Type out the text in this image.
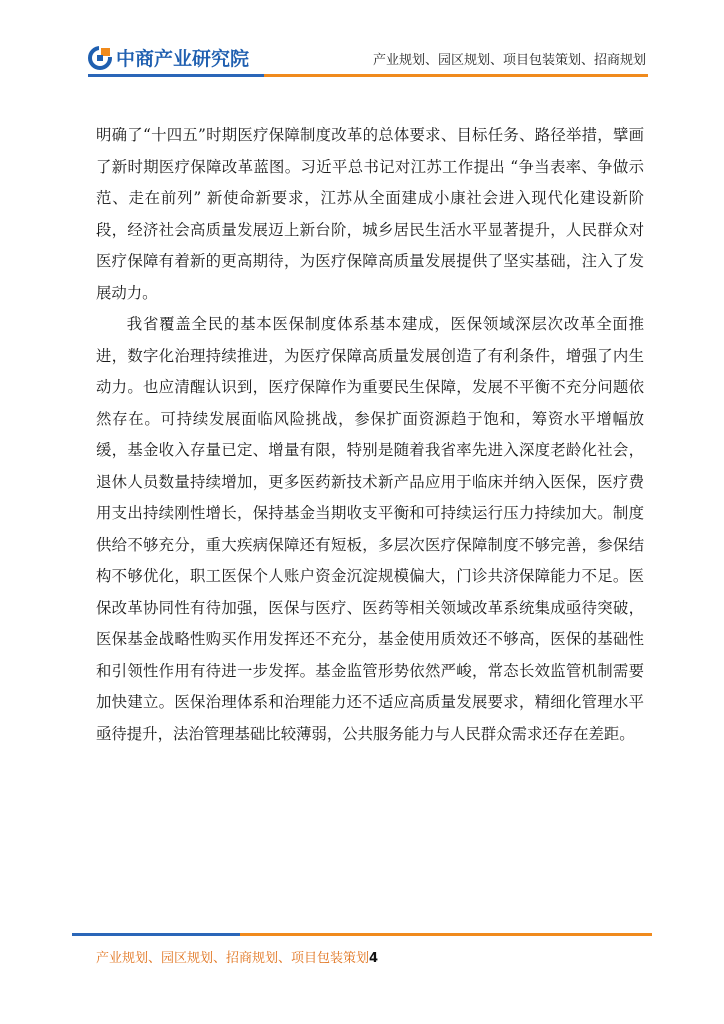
中商产业研究院	产业规划、园区规划、项目包装策划、招商规划

明确了“十四五”时期医疗保障制度改革的总体要求、目标任务、路径举措，擘画了新时期医疗保障改革蓝图。习近平总书记对江苏工作提出 “争当表率、争做示范、走在前列” 新使命新要求，江苏从全面建成小康社会进入现代化建设新阶段，经济社会高质量发展迈上新台阶，城乡居民生活水平显著提升，人民群众对医疗保障有着新的更高期待，为医疗保障高质量发展提供了坚实基础，注入了发展动力。

我省覆盖全民的基本医保制度体系基本建成，医保领域深层次改革全面推进，数字化治理持续推进，为医疗保障高质量发展创造了有利条件，增强了内生动力。也应清醒认识到，医疗保障作为重要民生保障，发展不平衡不充分问题依然存在。可持续发展面临风险挑战，参保扩面资源趋于饱和，筹资水平增幅放缓，基金收入存量已定、增量有限，特别是随着我省率先进入深度老龄化社会，退休人员数量持续增加，更多医药新技术新产品应用于临床并纳入医保，医疗费用支出持续刚性增长，保持基金当期收支平衡和可持续运行压力持续加大。制度供给不够充分，重大疾病保障还有短板，多层次医疗保障制度不够完善，参保结构不够优化，职工医保个人账户资金沉淀规模偏大，门诊共济保障能力不足。医保改革协同性有待加强，医保与医疗、医药等相关领域改革系统集成亟待突破， 医保基金战略性购买作用发挥还不充分，基金使用质效还不够高，医保的基础性和引领性作用有待进一步发挥。基金监管形势依然严峻，常态长效监管机制需要加快建立。医保治理体系和治理能力还不适应高质量发展要求，精细化管理水平亟待提升，法治管理基础比较薄弱，公共服务能力与人民群众需求还存在差距。

产业规划、园区规划、招商规划、项目包装策划4
